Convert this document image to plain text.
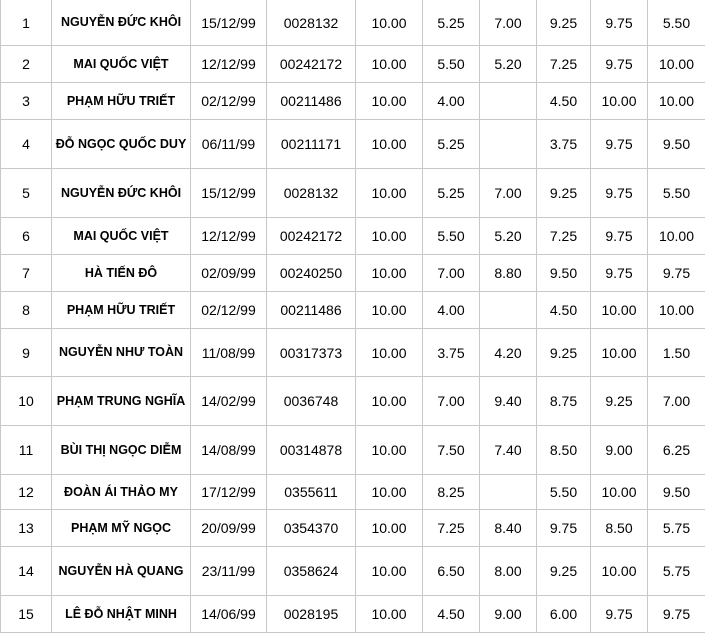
1	NGUYỄN ĐỨC KHÔI	15/12/99	0028132	10.00	5.25	7.00	9.25	9.75	5.50
2	MAI QUỐC VIỆT	12/12/99	00242172	10.00	5.50	5.20	7.25	9.75	10.00
3	PHẠM HỮU TRIẾT	02/12/99	00211486	10.00	4.00		4.50	10.00	10.00
4	ĐỖ NGỌC QUỐC DUY	06/11/99	00211171	10.00	5.25		3.75	9.75	9.50
5	NGUYỄN ĐỨC KHÔI	15/12/99	0028132	10.00	5.25	7.00	9.25	9.75	5.50
6	MAI QUỐC VIỆT	12/12/99	00242172	10.00	5.50	5.20	7.25	9.75	10.00
7	HÀ TIẾN ĐÔ	02/09/99	00240250	10.00	7.00	8.80	9.50	9.75	9.75
8	PHẠM HỮU TRIẾT	02/12/99	00211486	10.00	4.00		4.50	10.00	10.00
9	NGUYỄN NHƯ TOÀN	11/08/99	00317373	10.00	3.75	4.20	9.25	10.00	1.50
10	PHẠM TRUNG NGHĨA	14/02/99	0036748	10.00	7.00	9.40	8.75	9.25	7.00
11	BÙI THỊ NGỌC DIỄM	14/08/99	00314878	10.00	7.50	7.40	8.50	9.00	6.25
12	ĐOÀN ÁI THẢO MY	17/12/99	0355611	10.00	8.25		5.50	10.00	9.50
13	PHẠM MỸ NGỌC	20/09/99	0354370	10.00	7.25	8.40	9.75	8.50	5.75
14	NGUYỄN HÀ QUANG	23/11/99	0358624	10.00	6.50	8.00	9.25	10.00	5.75
15	LÊ ĐỖ NHẬT MINH	14/06/99	0028195	10.00	4.50	9.00	6.00	9.75	9.75
